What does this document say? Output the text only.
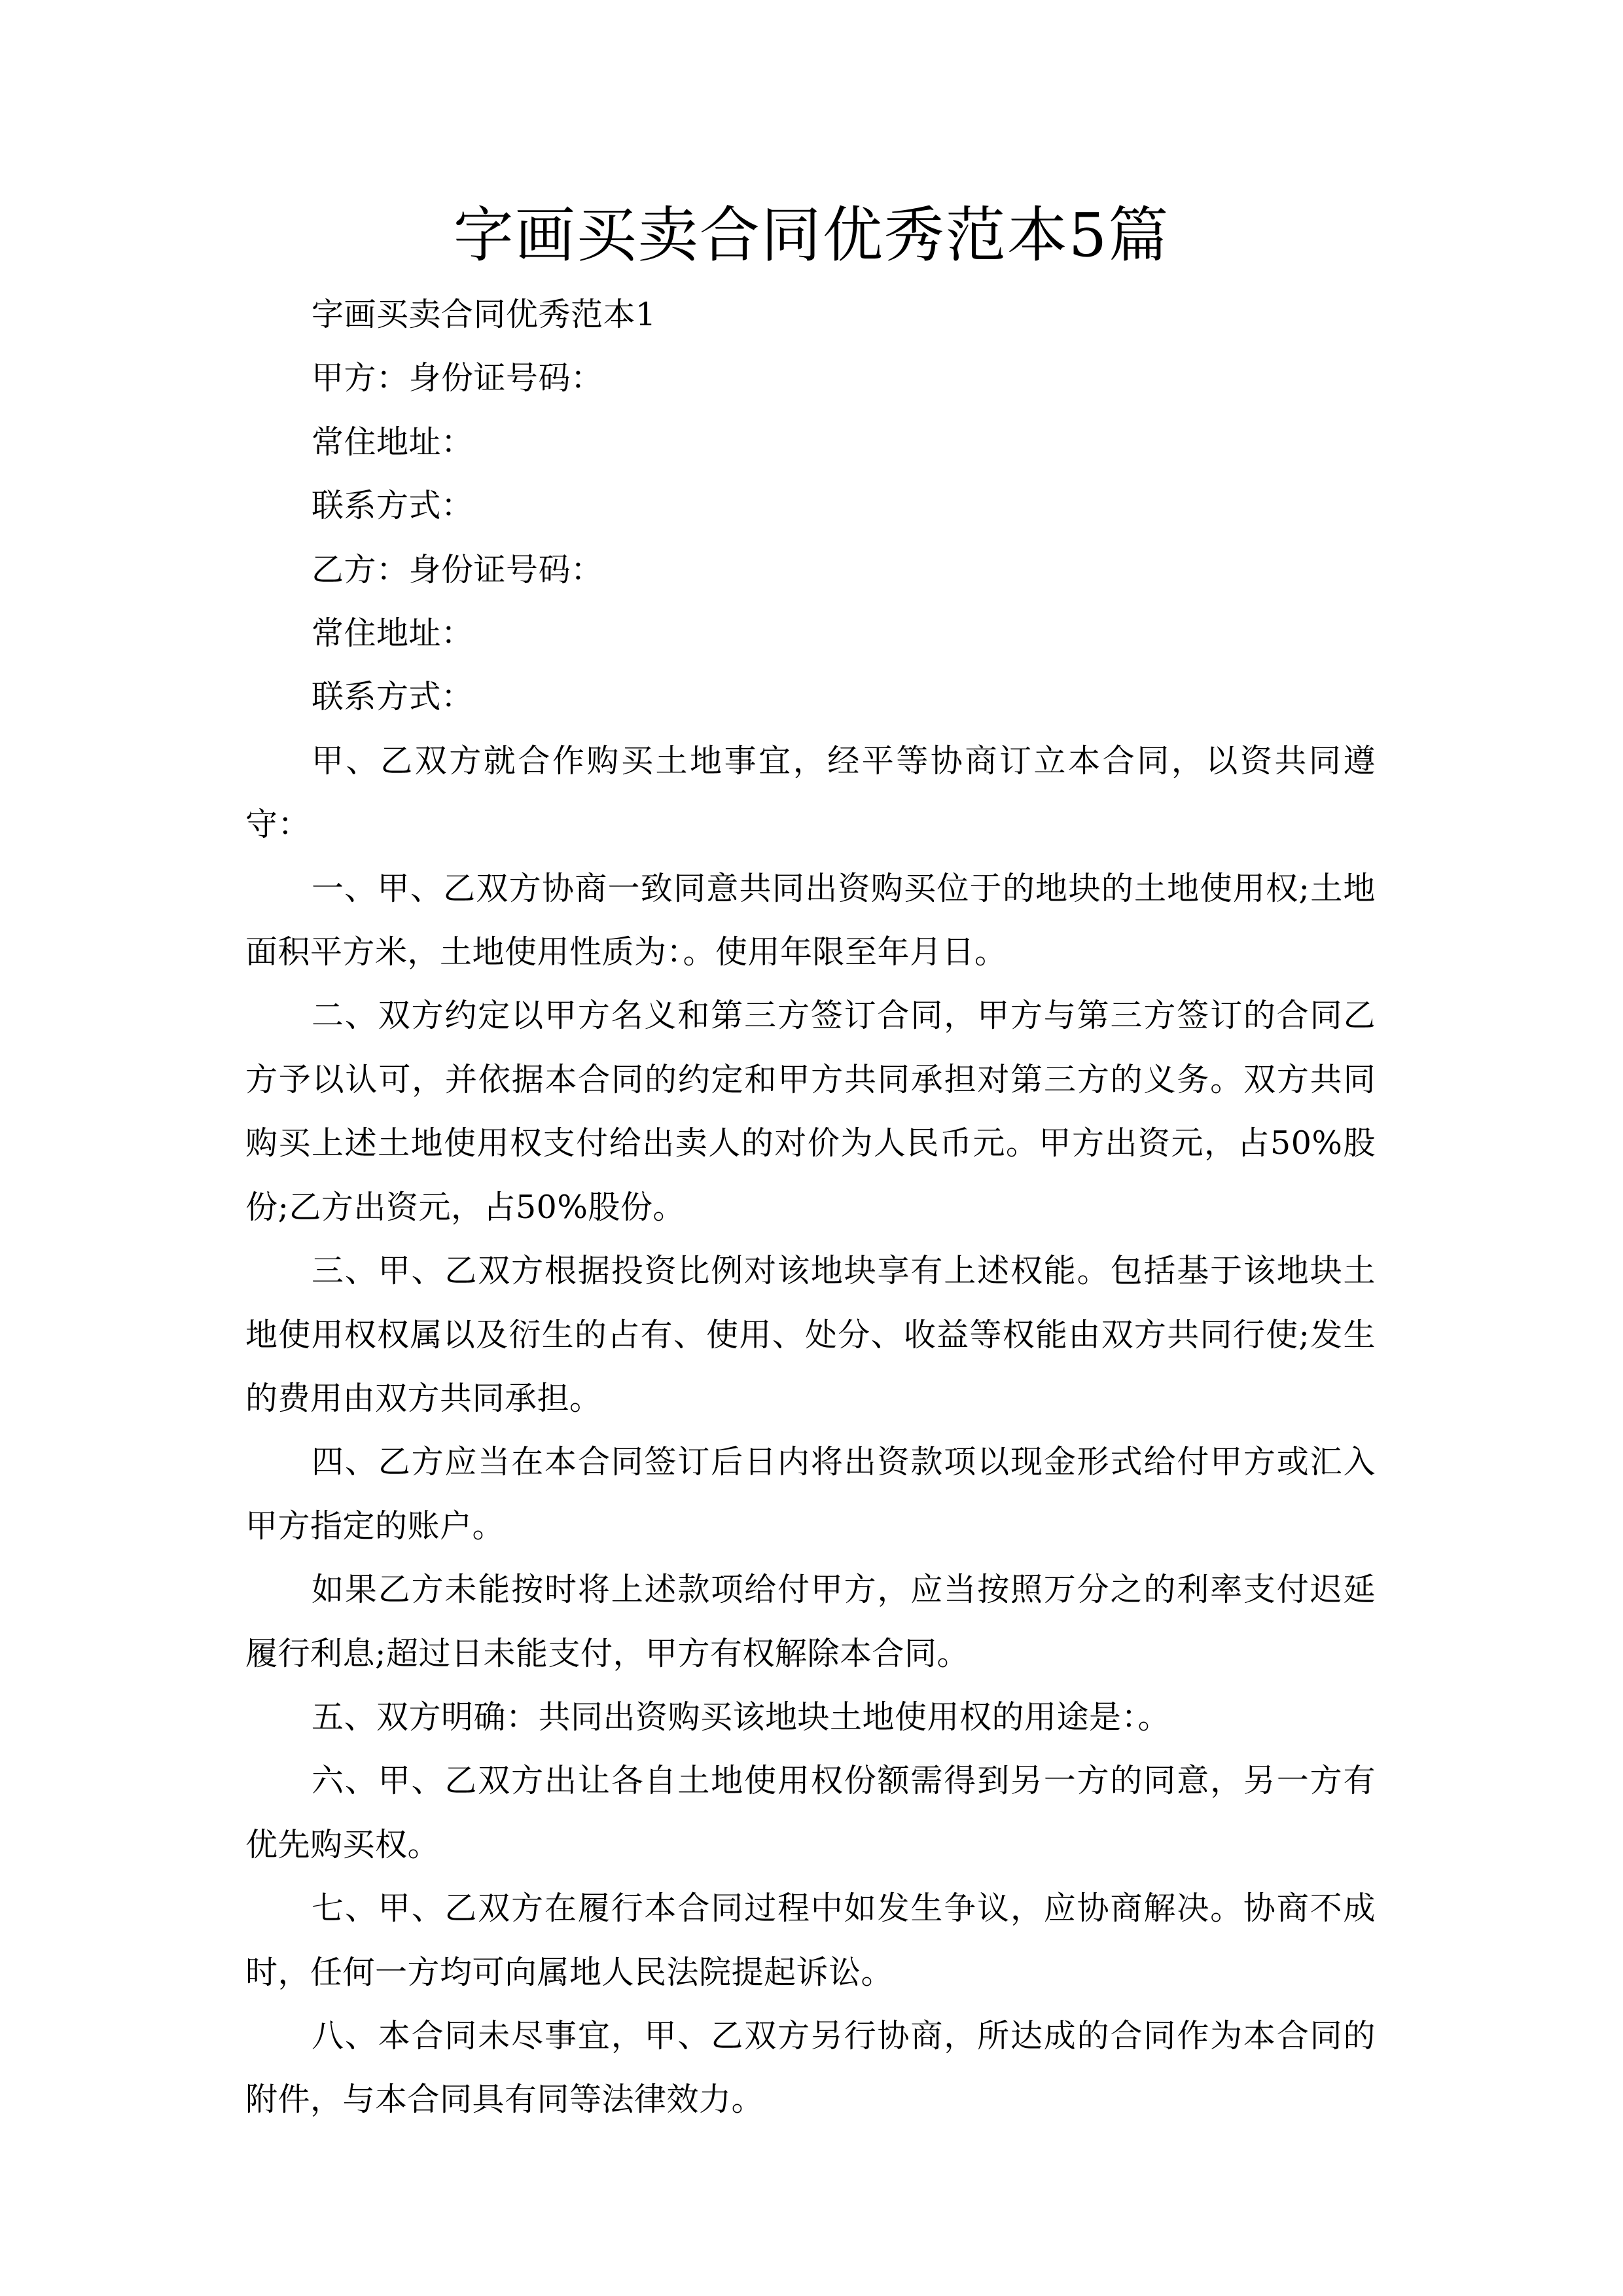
字画买卖合同优秀范本5篇

字画买卖合同优秀范本1

甲方：身份证号码：

常住地址：

联系方式：

乙方：身份证号码：

常住地址：

联系方式：

甲、乙双方就合作购买土地事宜，经平等协商订立本合同，以资共同遵守：

一、甲、乙双方协商一致同意共同出资购买位于的地块的土地使用权;土地面积平方米，土地使用性质为：。使用年限至年月日。

二、双方约定以甲方名义和第三方签订合同，甲方与第三方签订的合同乙方予以认可，并依据本合同的约定和甲方共同承担对第三方的义务。双方共同购买上述土地使用权支付给出卖人的对价为人民币元。甲方出资元，占50%股份;乙方出资元，占50%股份。

三、甲、乙双方根据投资比例对该地块享有上述权能。包括基于该地块土地使用权权属以及衍生的占有、使用、处分、收益等权能由双方共同行使;发生的费用由双方共同承担。

四、乙方应当在本合同签订后日内将出资款项以现金形式给付甲方或汇入甲方指定的账户。

如果乙方未能按时将上述款项给付甲方，应当按照万分之的利率支付迟延履行利息;超过日未能支付，甲方有权解除本合同。

五、双方明确：共同出资购买该地块土地使用权的用途是：。

六、甲、乙双方出让各自土地使用权份额需得到另一方的同意，另一方有优先购买权。

七、甲、乙双方在履行本合同过程中如发生争议，应协商解决。协商不成时，任何一方均可向属地人民法院提起诉讼。

八、本合同未尽事宜，甲、乙双方另行协商，所达成的合同作为本合同的附件，与本合同具有同等法律效力。
